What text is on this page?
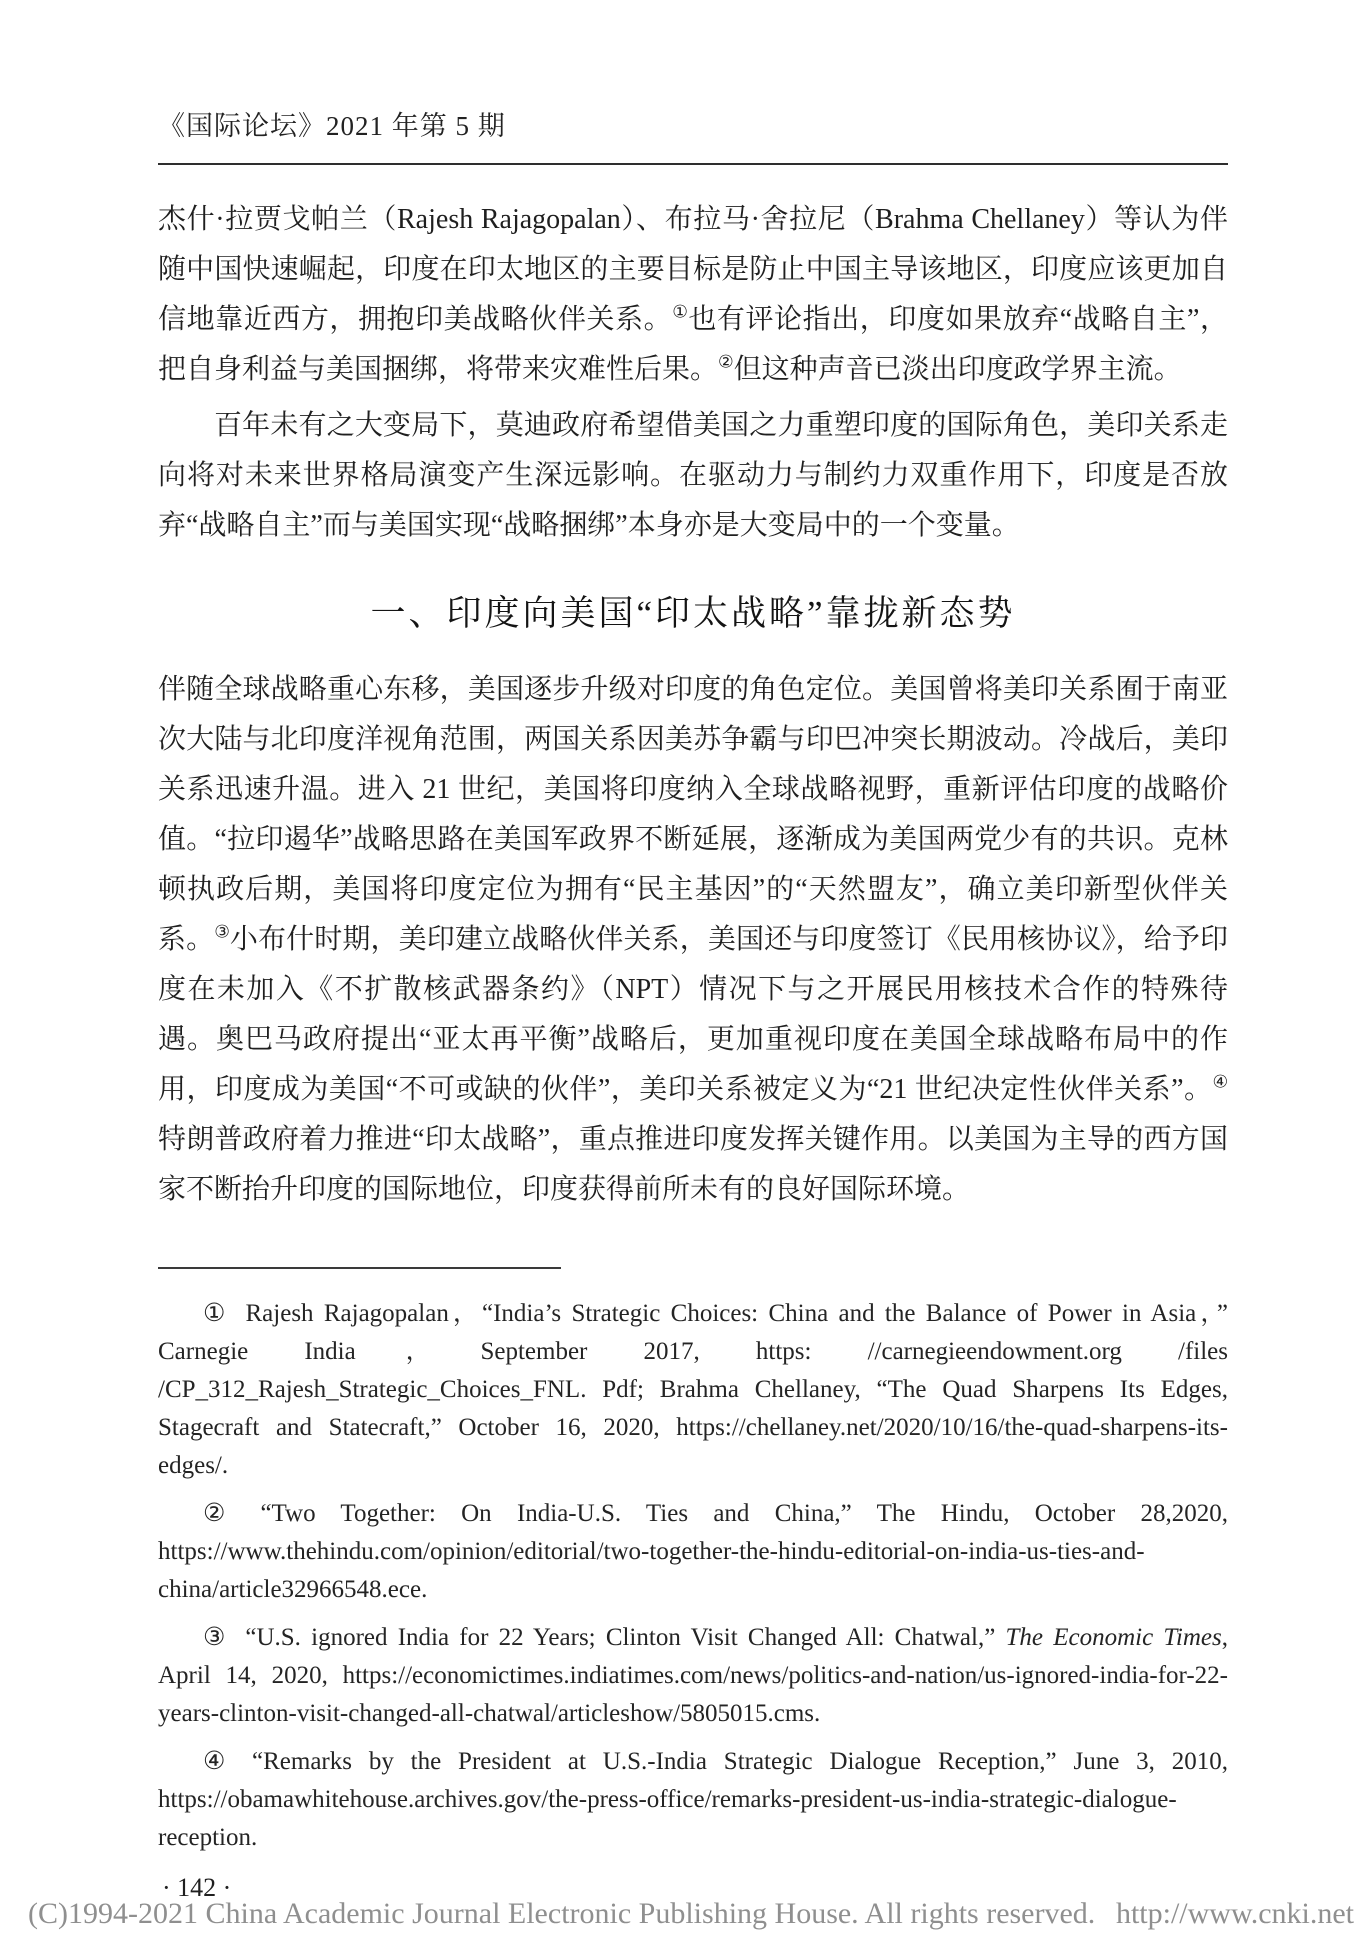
《国际论坛》2021 年第 5 期

杰什·拉贾戈帕兰（Rajesh Rajagopalan）、布拉马·舍拉尼（Brahma Chellaney）等认为伴随中国快速崛起，印度在印太地区的主要目标是防止中国主导该地区，印度应该更加自信地靠近西方，拥抱印美战略伙伴关系。①也有评论指出，印度如果放弃“战略自主”，把自身利益与美国捆绑，将带来灾难性后果。②但这种声音已淡出印度政学界主流。

百年未有之大变局下，莫迪政府希望借美国之力重塑印度的国际角色，美印关系走向将对未来世界格局演变产生深远影响。在驱动力与制约力双重作用下，印度是否放弃“战略自主”而与美国实现“战略捆绑”本身亦是大变局中的一个变量。

一、印度向美国“印太战略”靠拢新态势

伴随全球战略重心东移，美国逐步升级对印度的角色定位。美国曾将美印关系囿于南亚次大陆与北印度洋视角范围，两国关系因美苏争霸与印巴冲突长期波动。冷战后，美印关系迅速升温。进入 21 世纪，美国将印度纳入全球战略视野，重新评估印度的战略价值。“拉印遏华”战略思路在美国军政界不断延展，逐渐成为美国两党少有的共识。克林顿执政后期，美国将印度定位为拥有“民主基因”的“天然盟友”，确立美印新型伙伴关系。③小布什时期，美印建立战略伙伴关系，美国还与印度签订《民用核协议》，给予印度在未加入《不扩散核武器条约》（NPT）情况下与之开展民用核技术合作的特殊待遇。奥巴马政府提出“亚太再平衡”战略后，更加重视印度在美国全球战略布局中的作用，印度成为美国“不可或缺的伙伴”，美印关系被定义为“21 世纪决定性伙伴关系”。④特朗普政府着力推进“印太战略”，重点推进印度发挥关键作用。以美国为主导的西方国家不断抬升印度的国际地位，印度获得前所未有的良好国际环境。

① Rajesh Rajagopalan，“India’s Strategic Choices: China and the Balance of Power in Asia，” Carnegie India，September 2017, https: //carnegieendowment.org /files /CP_312_Rajesh_Strategic_Choices_FNL. Pdf; Brahma Chellaney, “The Quad Sharpens Its Edges, Stagecraft and Statecraft,” October 16, 2020, https://chellaney.net/2020/10/16/the-quad-sharpens-its-edges/.

② “Two Together: On India-U.S. Ties and China,” The Hindu, October 28,2020, https://www.thehindu.com/opinion/editorial/two-together-the-hindu-editorial-on-india-us-ties-and-china/article32966548.ece.

③ “U.S. ignored India for 22 Years; Clinton Visit Changed All: Chatwal,” The Economic Times, April 14, 2020, https://economictimes.indiatimes.com/news/politics-and-nation/us-ignored-india-for-22-years-clinton-visit-changed-all-chatwal/articleshow/5805015.cms.

④ “Remarks by the President at U.S.-India Strategic Dialogue Reception,” June 3, 2010, https://obamawhitehouse.archives.gov/the-press-office/remarks-president-us-india-strategic-dialogue-reception.

· 142 ·
(C)1994-2021 China Academic Journal Electronic Publishing House. All rights reserved. http://www.cnki.net
